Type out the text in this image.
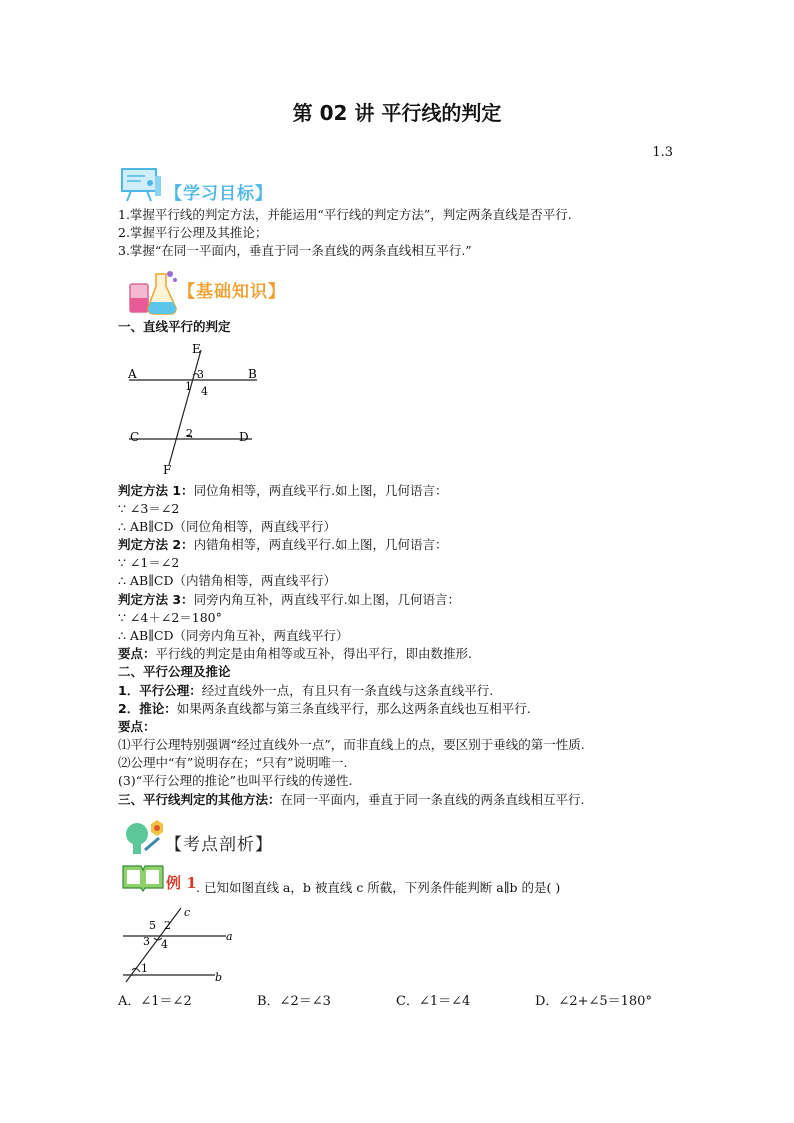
第 02 讲 平行线的判定
1.3
【学习目标】
1.掌握平行线的判定方法，并能运用“平行线的判定方法”，判定两条直线是否平行.
2.掌握平行公理及其推论；
3.掌握“在同一平面内，垂直于同一条直线的两条直线相互平行.”
【基础知识】
一、直线平行的判定
E
A	B
1
3
4
C	D
2
F
判定方法 1：同位角相等，两直线平行.如上图，几何语言：
∵ ∠3＝∠2
∴ AB∥CD（同位角相等，两直线平行）
判定方法 2：内错角相等，两直线平行.如上图，几何语言：
∵ ∠1＝∠2
∴ AB∥CD（内错角相等，两直线平行）
判定方法 3：同旁内角互补，两直线平行.如上图，几何语言：
∵ ∠4＋∠2＝180°
∴ AB∥CD（同旁内角互补，两直线平行）
要点：平行线的判定是由角相等或互补，得出平行，即由数推形.
二、平行公理及推论
1．平行公理：经过直线外一点，有且只有一条直线与这条直线平行.
2．推论：如果两条直线都与第三条直线平行，那么这两条直线也互相平行.
要点：
⑴平行公理特别强调“经过直线外一点”，而非直线上的点，要区别于垂线的第一性质.
⑵公理中“有”说明存在；“只有”说明唯一.
(3)“平行公理的推论”也叫平行线的传递性.
三、平行线判定的其他方法：在同一平面内，垂直于同一条直线的两条直线相互平行.
【考点剖析】
例 1 . 已知如图直线 a，b 被直线 c 所截，下列条件能判断 a∥b 的是( )
c
a
b
5 2
3 4
1
A．∠1＝∠2	B．∠2＝∠3	C．∠1＝∠4	D．∠2+∠5＝180°
